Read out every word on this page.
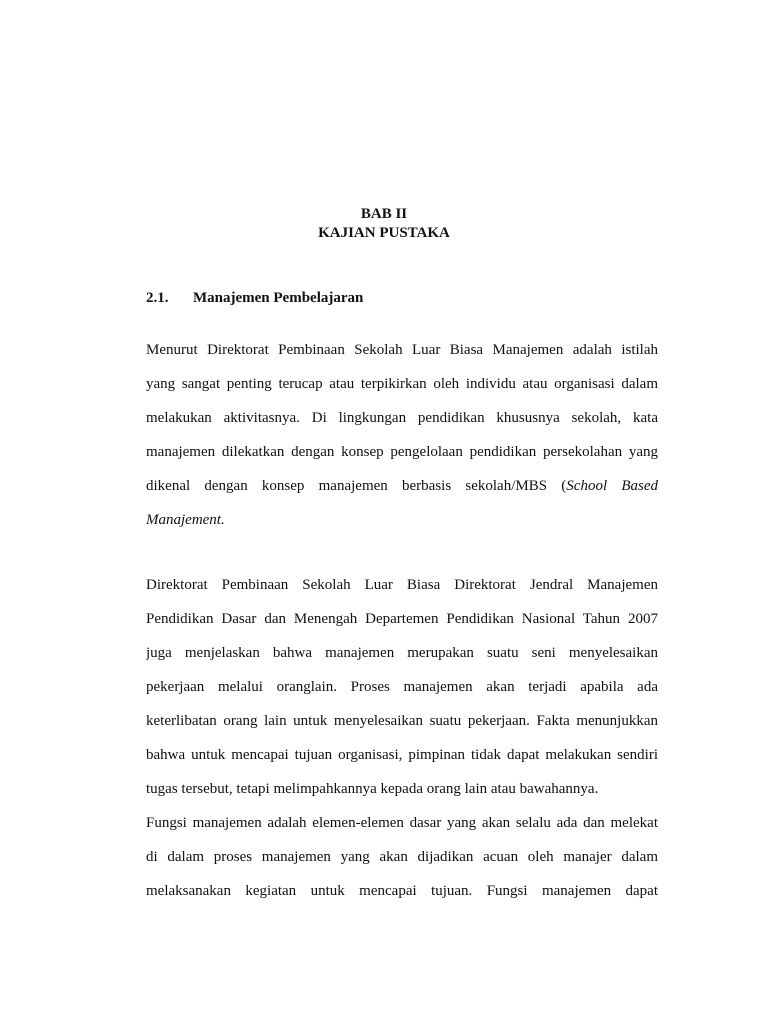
BAB II
KAJIAN PUSTAKA
2.1. Manajemen Pembelajaran
Menurut Direktorat Pembinaan Sekolah Luar Biasa Manajemen adalah istilah
yang sangat penting terucap atau terpikirkan oleh individu atau organisasi dalam
melakukan aktivitasnya. Di lingkungan pendidikan khususnya sekolah, kata
manajemen dilekatkan dengan konsep pengelolaan pendidikan persekolahan yang
dikenal dengan konsep manajemen berbasis sekolah/MBS (School Based
Manajement.
Direktorat Pembinaan Sekolah Luar Biasa Direktorat Jendral Manajemen
Pendidikan Dasar dan Menengah Departemen Pendidikan Nasional Tahun 2007
juga menjelaskan bahwa manajemen merupakan suatu seni menyelesaikan
pekerjaan melalui oranglain. Proses manajemen akan terjadi apabila ada
keterlibatan orang lain untuk menyelesaikan suatu pekerjaan. Fakta menunjukkan
bahwa untuk mencapai tujuan organisasi, pimpinan tidak dapat melakukan sendiri
tugas tersebut, tetapi melimpahkannya kepada orang lain atau bawahannya.
Fungsi manajemen adalah elemen-elemen dasar yang akan selalu ada dan melekat
di dalam proses manajemen yang akan dijadikan acuan oleh manajer dalam
melaksanakan kegiatan untuk mencapai tujuan. Fungsi manajemen dapat
